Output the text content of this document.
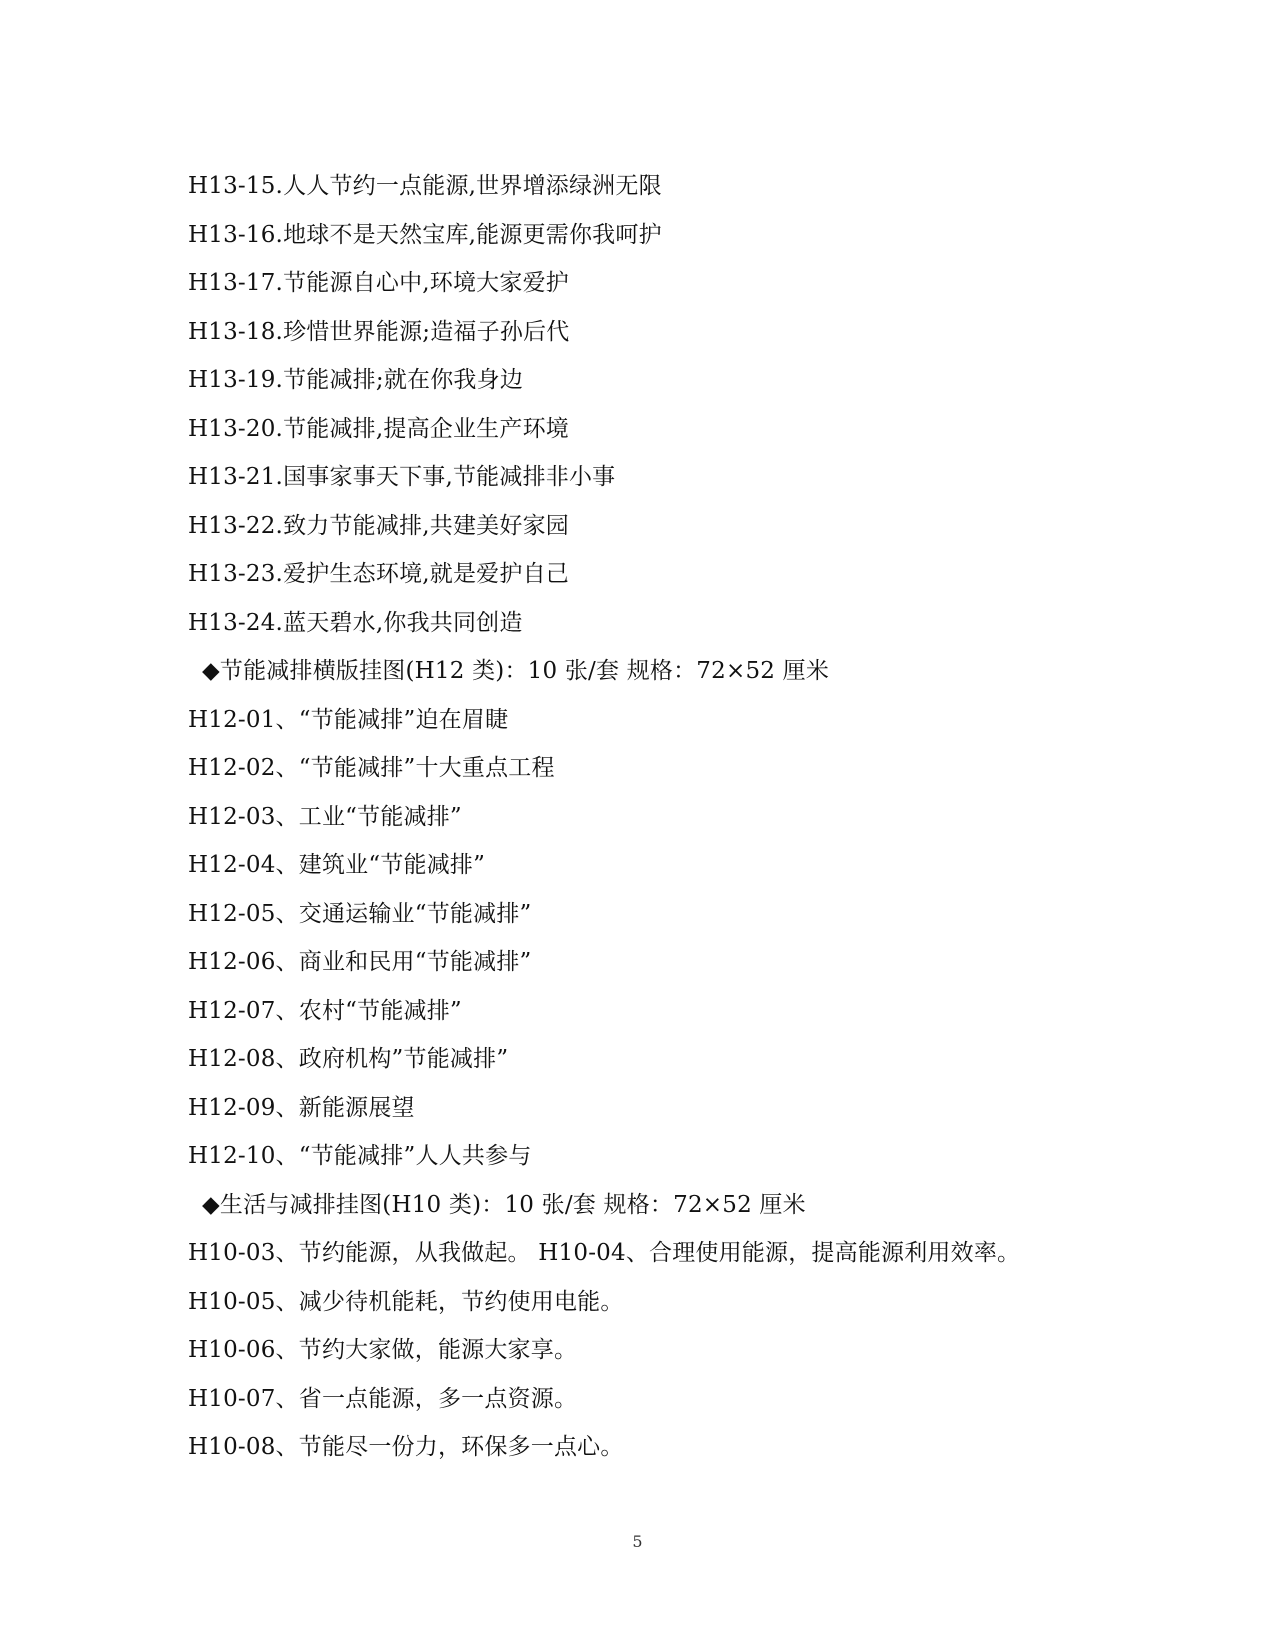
H13-15.人人节约一点能源,世界增添绿洲无限
H13-16.地球不是天然宝库,能源更需你我呵护
H13-17.节能源自心中,环境大家爱护
H13-18.珍惜世界能源;造福子孙后代
H13-19.节能减排;就在你我身边
H13-20.节能减排,提高企业生产环境
H13-21.国事家事天下事,节能减排非小事
H13-22.致力节能减排,共建美好家园
H13-23.爱护生态环境,就是爱护自己
H13-24.蓝天碧水,你我共同创造
◆节能减排横版挂图(H12 类)：10 张/套 规格：72×52 厘米
H12-01、“节能减排”迫在眉睫
H12-02、“节能减排”十大重点工程
H12-03、工业“节能减排”
H12-04、建筑业“节能减排”
H12-05、交通运输业“节能减排”
H12-06、商业和民用“节能减排”
H12-07、农村“节能减排”
H12-08、政府机构”节能减排”
H12-09、新能源展望
H12-10、“节能减排”人人共参与
◆生活与减排挂图(H10 类)：10 张/套 规格：72×52 厘米
H10-03、节约能源，从我做起。 H10-04、合理使用能源，提高能源利用效率。
H10-05、减少待机能耗，节约使用电能。
H10-06、节约大家做，能源大家享。
H10-07、省一点能源，多一点资源。
H10-08、节能尽一份力，环保多一点心。
5
